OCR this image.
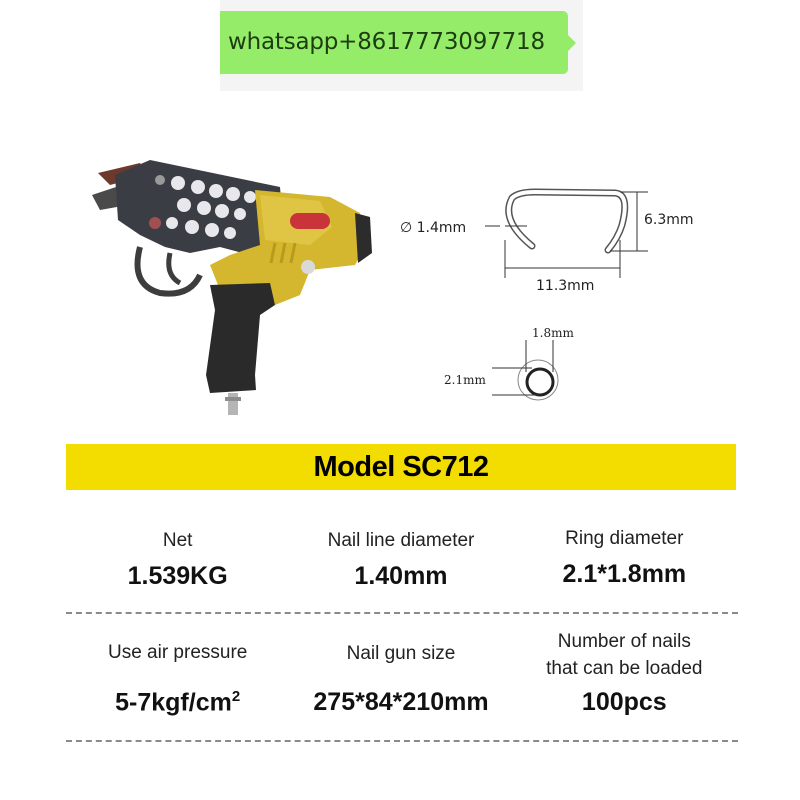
whatsapp+8617773097718
∅ 1.4mm	6.3mm
11.3mm
1.8mm
2.1mm
Model SC712
Net
1.539KG
Nail line diameter
1.40mm
Ring diameter
2.1*1.8mm
Use air pressure
$5-7kgf/cm^2$
Nail gun size
275*84*210mm
Number of nails
that can be loaded
100pcs
